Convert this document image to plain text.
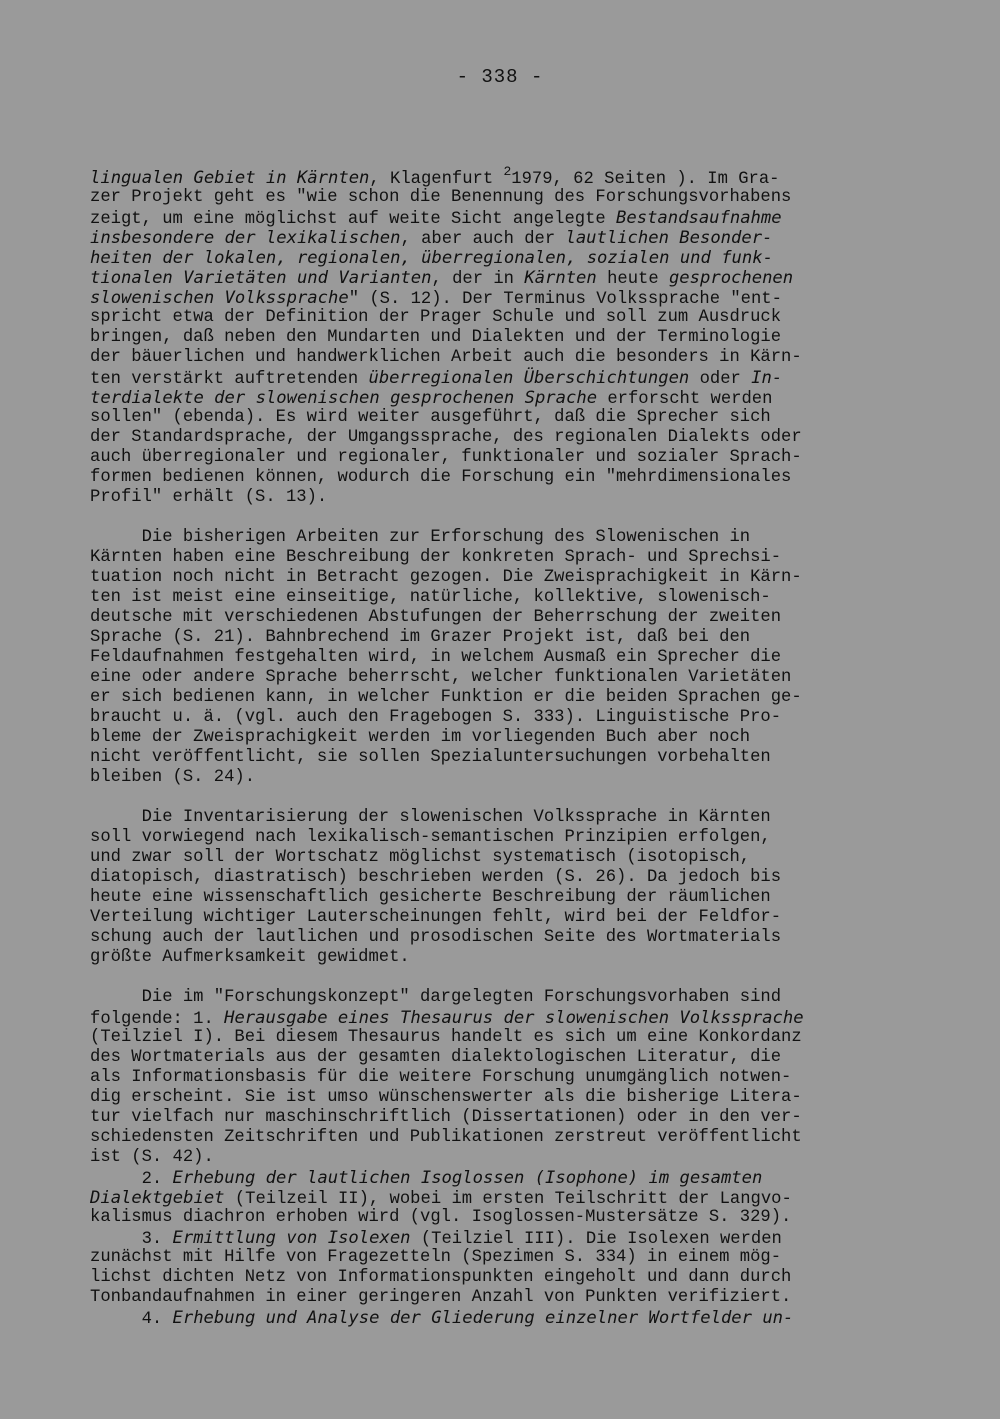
- 338 -
lingualen Gebiet in Kärnten, Klagenfurt $^2$1979, 62 Seiten ). Im Gra-
zer Projekt geht es "wie schon die Benennung des Forschungsvorhabens
zeigt, um eine möglichst auf weite Sicht angelegte Bestandsaufnahme
insbesondere der lexikalischen, aber auch der lautlichen Besonder-
heiten der lokalen, regionalen, überregionalen, sozialen und funk-
tionalen Varietäten und Varianten, der in Kärnten heute gesprochenen
slowenischen Volkssprache" (S. 12). Der Terminus Volkssprache "ent-
spricht etwa der Definition der Prager Schule und soll zum Ausdruck
bringen, daß neben den Mundarten und Dialekten und der Terminologie
der bäuerlichen und handwerklichen Arbeit auch die besonders in Kärn-
ten verstärkt auftretenden überregionalen Überschichtungen oder In-
terdialekte der slowenischen gesprochenen Sprache erforscht werden
sollen" (ebenda). Es wird weiter ausgeführt, daß die Sprecher sich
der Standardsprache, der Umgangssprache, des regionalen Dialekts oder
auch überregionaler und regionaler, funktionaler und sozialer Sprach-
formen bedienen können, wodurch die Forschung ein "mehrdimensionales
Profil" erhält (S. 13).
Die bisherigen Arbeiten zur Erforschung des Slowenischen in
Kärnten haben eine Beschreibung der konkreten Sprach- und Sprechsi-
tuation noch nicht in Betracht gezogen. Die Zweisprachigkeit in Kärn-
ten ist meist eine einseitige, natürliche, kollektive, slowenisch-
deutsche mit verschiedenen Abstufungen der Beherrschung der zweiten
Sprache (S. 21). Bahnbrechend im Grazer Projekt ist, daß bei den
Feldaufnahmen festgehalten wird, in welchem Ausmaß ein Sprecher die
eine oder andere Sprache beherrscht, welcher funktionalen Varietäten
er sich bedienen kann, in welcher Funktion er die beiden Sprachen ge-
braucht u. ä. (vgl. auch den Fragebogen S. 333). Linguistische Pro-
bleme der Zweisprachigkeit werden im vorliegenden Buch aber noch
nicht veröffentlicht, sie sollen Spezialuntersuchungen vorbehalten
bleiben (S. 24).
Die Inventarisierung der slowenischen Volkssprache in Kärnten
soll vorwiegend nach lexikalisch-semantischen Prinzipien erfolgen,
und zwar soll der Wortschatz möglichst systematisch (isotopisch,
diatopisch, diastratisch) beschrieben werden (S. 26). Da jedoch bis
heute eine wissenschaftlich gesicherte Beschreibung der räumlichen
Verteilung wichtiger Lauterscheinungen fehlt, wird bei der Feldfor-
schung auch der lautlichen und prosodischen Seite des Wortmaterials
größte Aufmerksamkeit gewidmet.
Die im "Forschungskonzept" dargelegten Forschungsvorhaben sind
folgende: 1. Herausgabe eines Thesaurus der slowenischen Volkssprache
(Teilziel I). Bei diesem Thesaurus handelt es sich um eine Konkordanz
des Wortmaterials aus der gesamten dialektologischen Literatur, die
als Informationsbasis für die weitere Forschung unumgänglich notwen-
dig erscheint. Sie ist umso wünschenswerter als die bisherige Litera-
tur vielfach nur maschinschriftlich (Dissertationen) oder in den ver-
schiedensten Zeitschriften und Publikationen zerstreut veröffentlicht
ist (S. 42).
2. Erhebung der lautlichen Isoglossen (Isophone) im gesamten
Dialektgebiet (Teilzeil II), wobei im ersten Teilschritt der Langvo-
kalismus diachron erhoben wird (vgl. Isoglossen-Mustersätze S. 329).
3. Ermittlung von Isolexen (Teilziel III). Die Isolexen werden
zunächst mit Hilfe von Fragezetteln (Spezimen S. 334) in einem mög-
lichst dichten Netz von Informationspunkten eingeholt und dann durch
Tonbandaufnahmen in einer geringeren Anzahl von Punkten verifiziert.
4. Erhebung und Analyse der Gliederung einzelner Wortfelder un-
